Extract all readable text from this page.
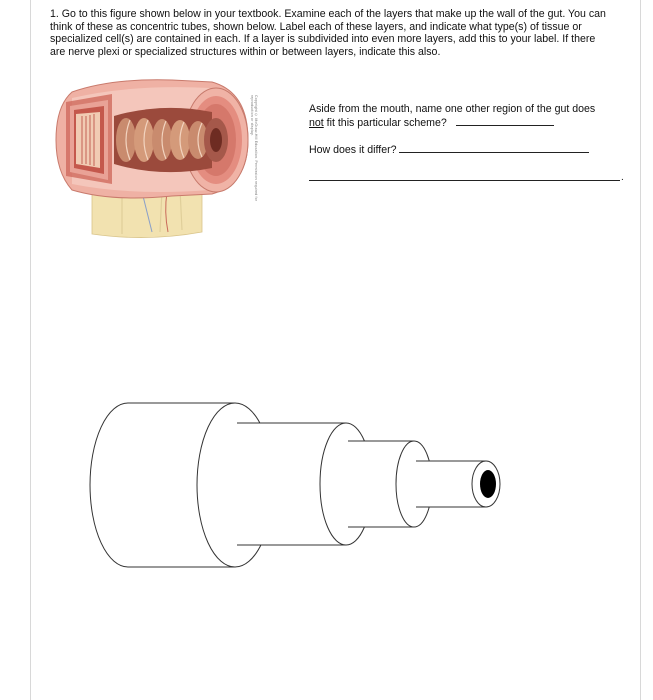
1. Go to this figure shown below in your textbook. Examine each of the layers that make up the wall of the gut. You can think of these as concentric tubes, shown below. Label each of these layers, and indicate what type(s) of tissue or specialized cell(s) are contained in each. If a layer is subdivided into even more layers, add this to your label. If there are nerve plexi or specialized structures within or between layers, indicate this also.

Copyright © McGraw-Hill Education. Permission required for reproduction or display.	Aside from the mouth, name one other region of the gut does not fit this particular scheme?
How does it differ?
.
